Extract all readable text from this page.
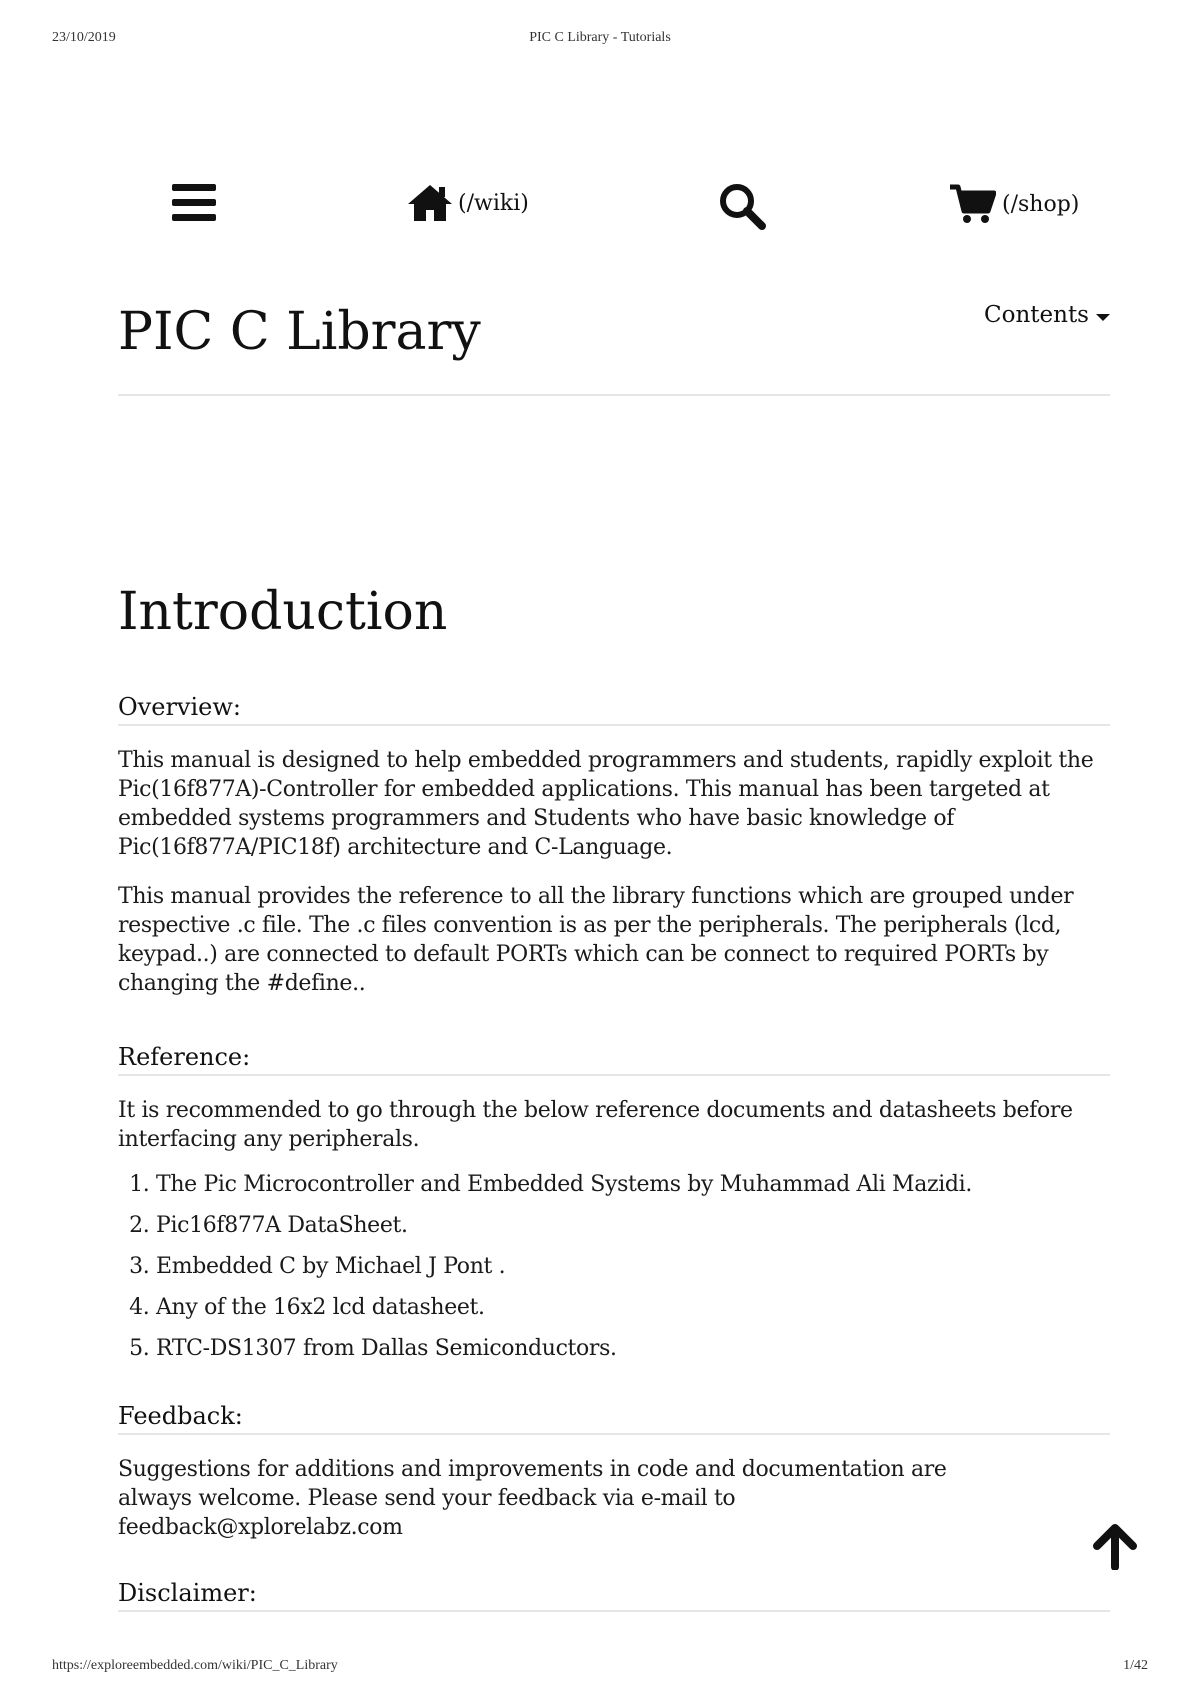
23/10/2019	PIC C Library - Tutorials
(/wiki)	(/shop)
PIC C Library	Contents
Introduction
Overview:

This manual is designed to help embedded programmers and students, rapidly exploit the Pic(16f877A)-Controller for embedded applications. This manual has been targeted at embedded systems programmers and Students who have basic knowledge of Pic(16f877A/PIC18f) architecture and C-Language.

This manual provides the reference to all the library functions which are grouped under respective .c file. The .c files convention is as per the peripherals. The peripherals (lcd, keypad..) are connected to default PORTs which can be connect to required PORTs by changing the #define..

Reference:

It is recommended to go through the below reference documents and datasheets before interfacing any peripherals.

1. The Pic Microcontroller and Embedded Systems by Muhammad Ali Mazidi.
2. Pic16f877A DataSheet.
3. Embedded C by Michael J Pont .
4. Any of the 16x2 lcd datasheet.
5. RTC-DS1307 from Dallas Semiconductors.
Feedback:

Suggestions for additions and improvements in code and documentation are always welcome. Please send your feedback via e-mail to feedback@xplorelabz.com

Disclaimer:
https://exploreembedded.com/wiki/PIC_C_Library	1/42
